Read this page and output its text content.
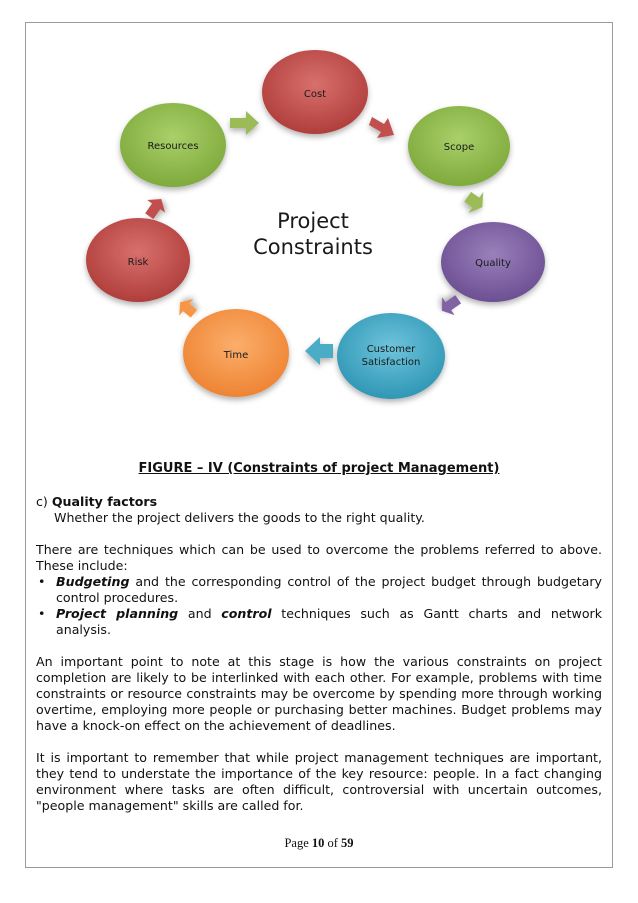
Project
Constraints
Cost
Scope
Quality
Customer
Satisfaction
Time
Risk
Resources
FIGURE – IV (Constraints of project Management)

c) Quality factors

Whether the project delivers the goods to the right quality.

There are techniques which can be used to overcome the problems referred to above. These include:

• Budgeting and the corresponding control of the project budget through budgetary control procedures.
• Project planning and control techniques such as Gantt charts and network analysis.

An important point to note at this stage is how the various constraints on project completion are likely to be interlinked with each other. For example, problems with time constraints or resource constraints may be overcome by spending more through working overtime, employing more people or purchasing better machines. Budget problems may have a knock-on effect on the achievement of deadlines.

It is important to remember that while project management techniques are important, they tend to understate the importance of the key resource: people. In a fact changing environment where tasks are often difficult, controversial with uncertain outcomes, "people management" skills are called for.

Page 10 of 59
